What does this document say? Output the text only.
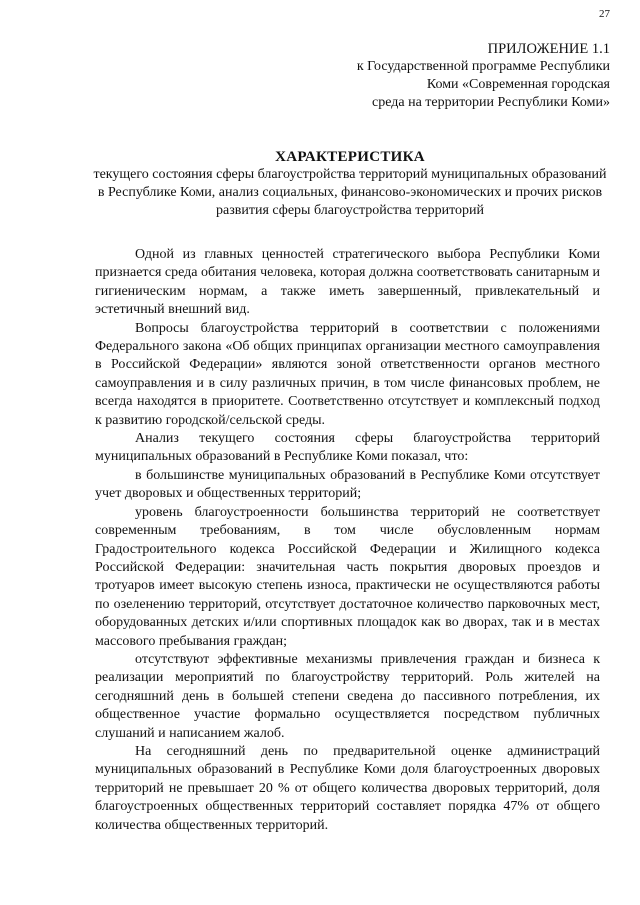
27
ПРИЛОЖЕНИЕ 1.1
к Государственной программе Республики
Коми «Современная городская
среда на территории Республики Коми»
ХАРАКТЕРИСТИКА
текущего состояния сферы благоустройства территорий муниципальных образований в Республике Коми, анализ социальных, финансово-экономических и прочих рисков развития сферы благоустройства территорий

Одной из главных ценностей стратегического выбора Республики Коми признается среда обитания человека, которая должна соответствовать санитарным и гигиеническим нормам, а также иметь завершенный, привлекательный и эстетичный внешний вид.

Вопросы благоустройства территорий в соответствии с положениями Федерального закона «Об общих принципах организации местного самоуправления в Российской Федерации» являются зоной ответственности органов местного самоуправления и в силу различных причин, в том числе финансовых проблем, не всегда находятся в приоритете. Соответственно отсутствует и комплексный подход к развитию городской/сельской среды.

Анализ текущего состояния сферы благоустройства территорий муниципальных образований в Республике Коми показал, что:

в большинстве муниципальных образований в Республике Коми отсутствует учет дворовых и общественных территорий;

уровень благоустроенности большинства территорий не соответствует современным требованиям, в том числе обусловленным нормам Градостроительного кодекса Российской Федерации и Жилищного кодекса Российской Федерации: значительная часть покрытия дворовых проездов и тротуаров имеет высокую степень износа, практически не осуществляются работы по озеленению территорий, отсутствует достаточное количество парковочных мест, оборудованных детских и/или спортивных площадок как во дворах, так и в местах массового пребывания граждан;

отсутствуют эффективные механизмы привлечения граждан и бизнеса к реализации мероприятий по благоустройству территорий. Роль жителей на сегодняшний день в большей степени сведена до пассивного потребления, их общественное участие формально осуществляется посредством публичных слушаний и написанием жалоб.

На сегодняшний день по предварительной оценке администраций муниципальных образований в Республике Коми доля благоустроенных дворовых территорий не превышает 20 % от общего количества дворовых территорий, доля благоустроенных общественных территорий составляет порядка 47% от общего количества общественных территорий.
